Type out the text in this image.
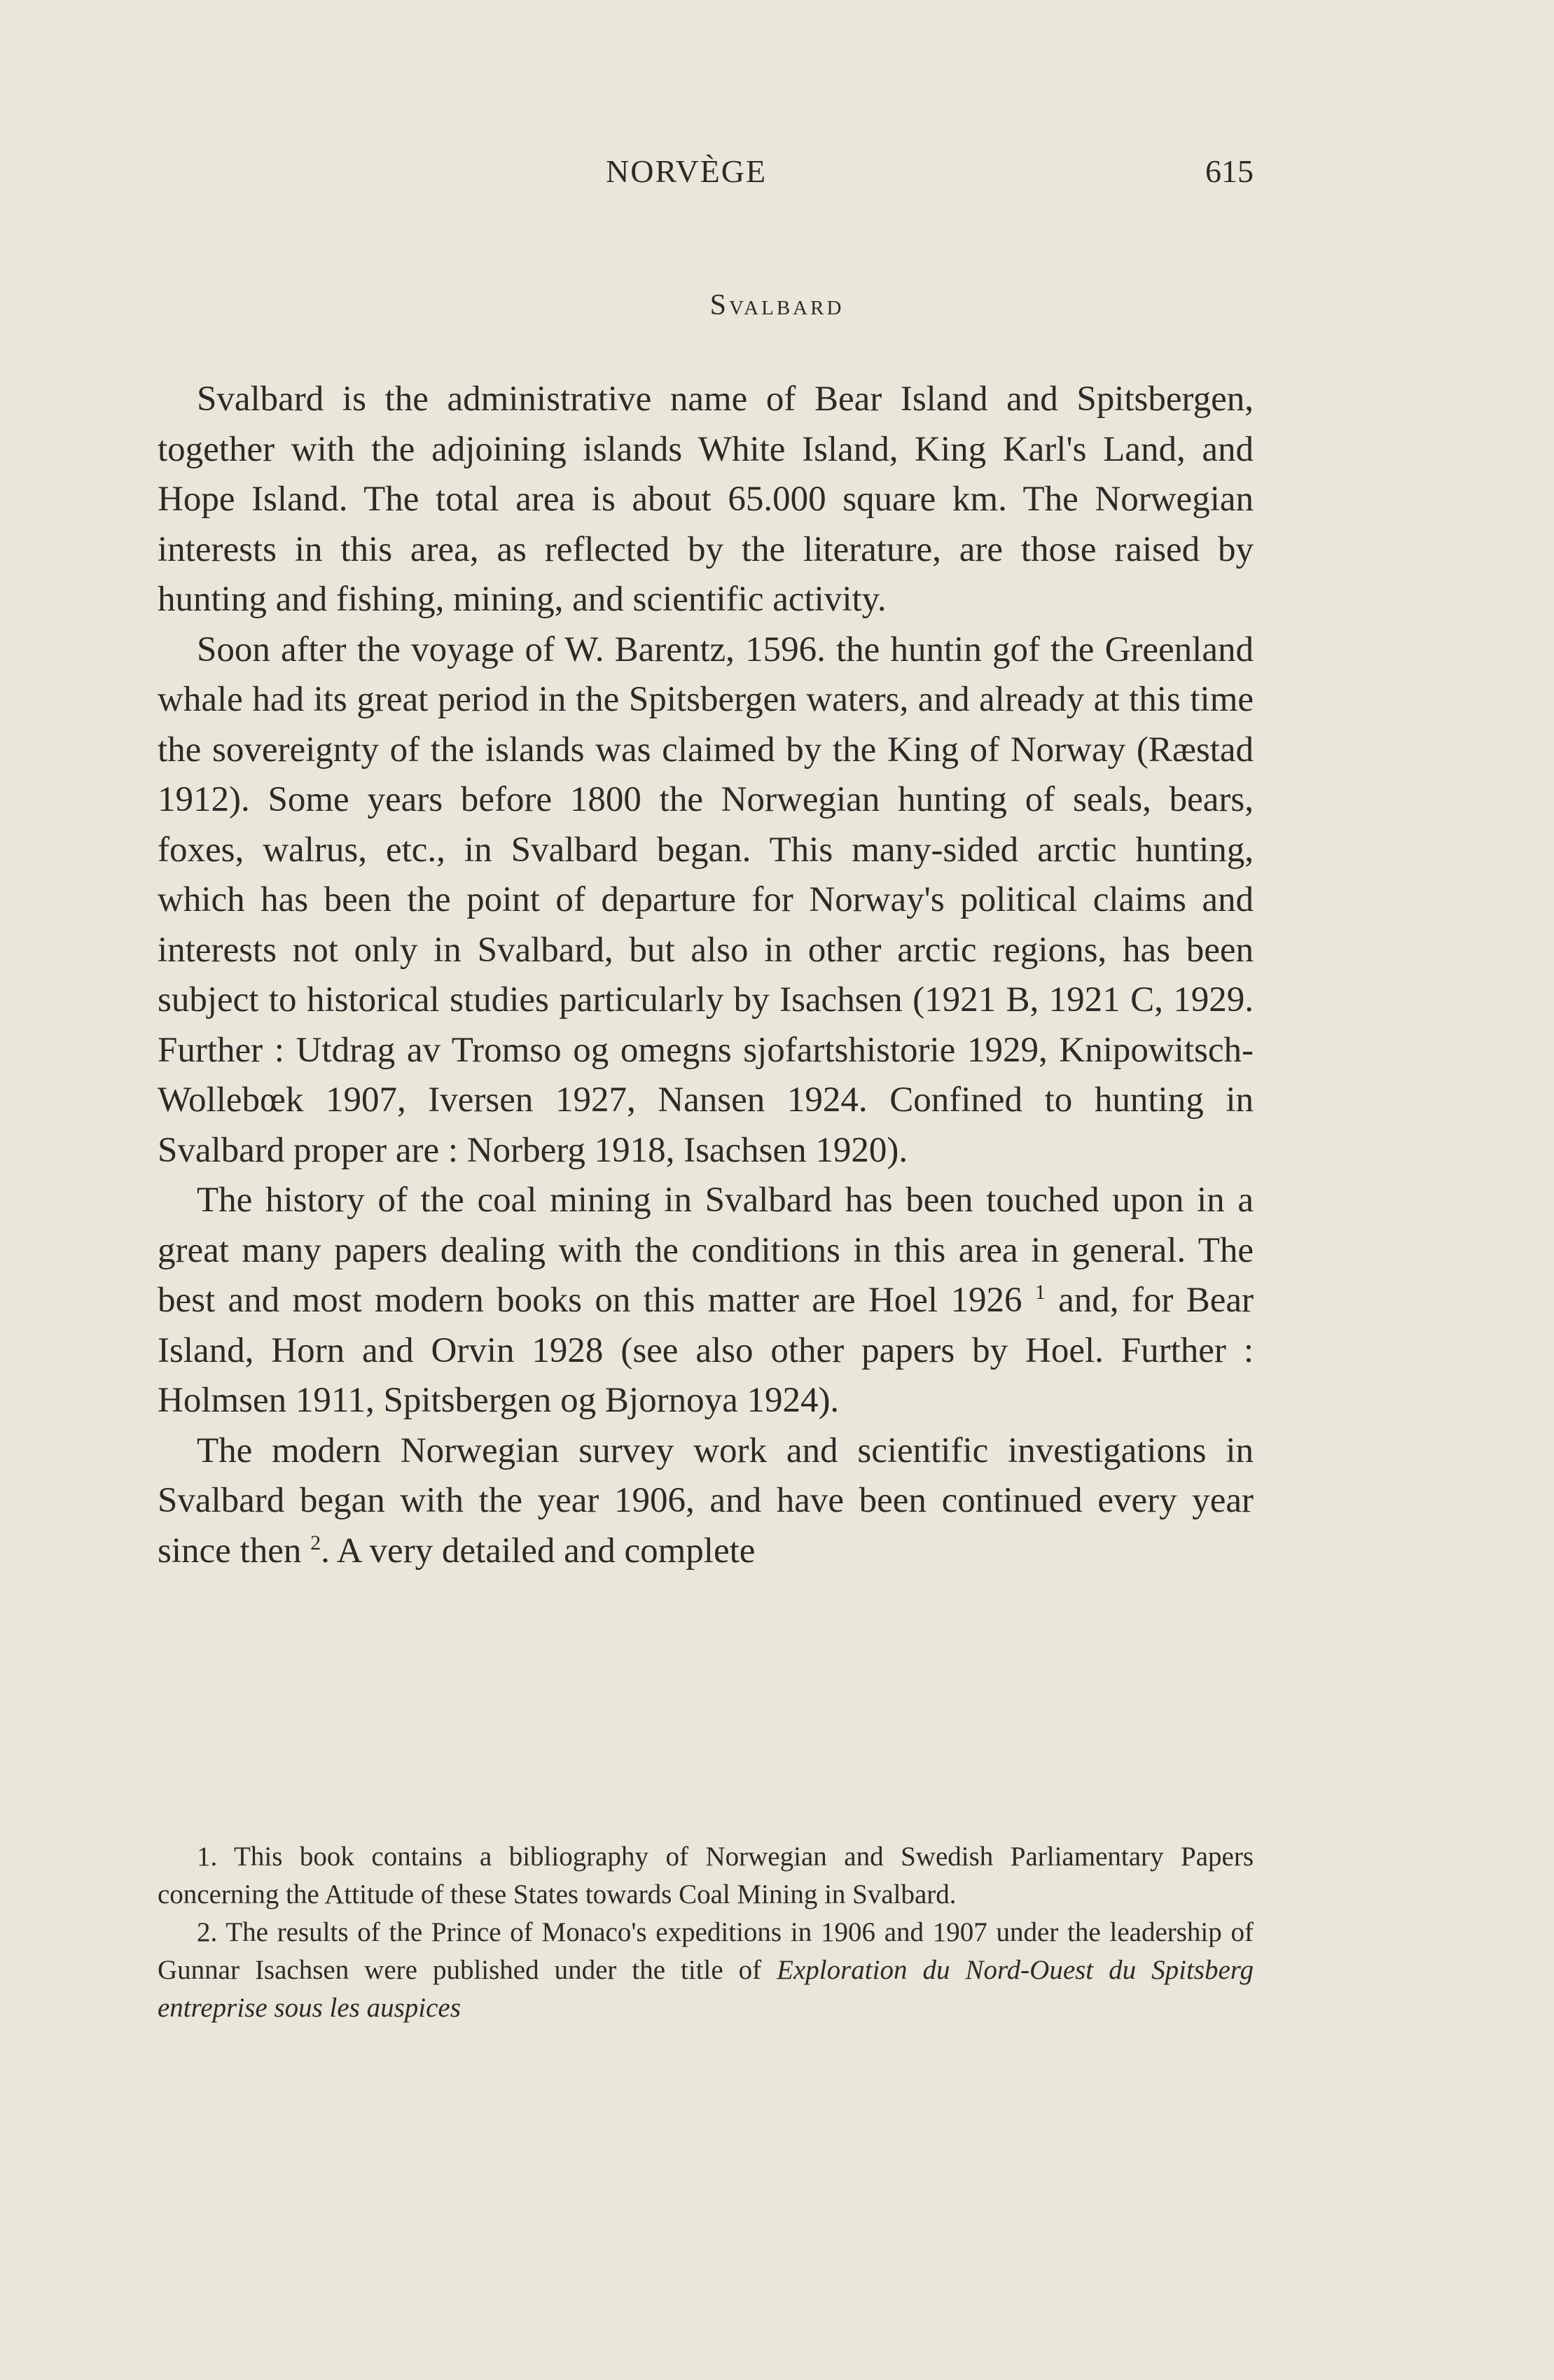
NORVÈGE	615
Svalbard

Svalbard is the administrative name of Bear Island and Spitsbergen, together with the adjoining islands White Island, King Karl's Land, and Hope Island. The total area is about 65.000 square km. The Norwegian interests in this area, as reflected by the literature, are those raised by hunting and fishing, mining, and scientific activity.

Soon after the voyage of W. Barentz, 1596. the huntin gof the Greenland whale had its great period in the Spitsbergen waters, and already at this time the sovereignty of the islands was claimed by the King of Norway (Ræstad 1912). Some years before 1800 the Norwegian hunting of seals, bears, foxes, walrus, etc., in Svalbard began. This many-sided arctic hunting, which has been the point of departure for Norway's political claims and interests not only in Svalbard, but also in other arctic regions, has been subject to historical studies particularly by Isachsen (1921 B, 1921 C, 1929. Further : Utdrag av Tromso og omegns sjofartshistorie 1929, Knipowitsch-Wollebœk 1907, Iversen 1927, Nansen 1924. Confined to hunting in Svalbard proper are : Norberg 1918, Isachsen 1920).

The history of the coal mining in Svalbard has been touched upon in a great many papers dealing with the conditions in this area in general. The best and most modern books on this matter are Hoel 1926 $^1$ and, for Bear Island, Horn and Orvin 1928 (see also other papers by Hoel. Further : Holmsen 1911, Spitsbergen og Bjornoya 1924).

The modern Norwegian survey work and scientific investigations in Svalbard began with the year 1906, and have been continued every year since then $^2$. A very detailed and complete

1. This book contains a bibliography of Norwegian and Swedish Parliamentary Papers concerning the Attitude of these States towards Coal Mining in Svalbard.

2. The results of the Prince of Monaco's expeditions in 1906 and 1907 under the leadership of Gunnar Isachsen were published under the title of Exploration du Nord-Ouest du Spitsberg entreprise sous les auspices
